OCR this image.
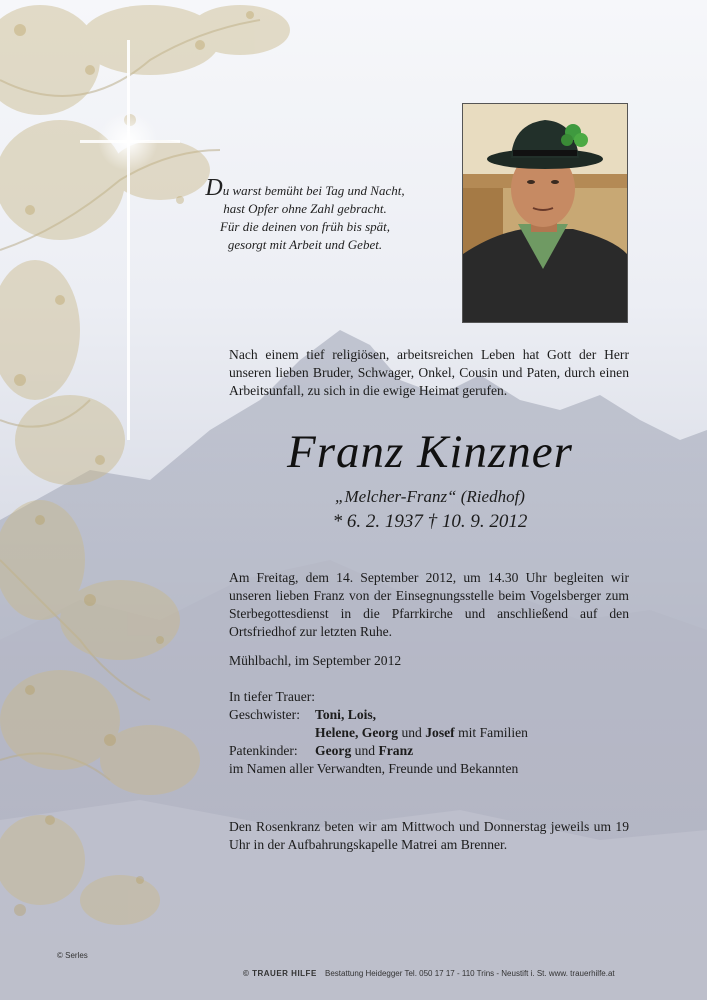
Du warst bemüht bei Tag und Nacht,
hast Opfer ohne Zahl gebracht.
Für die deinen von früh bis spät,
gesorgt mit Arbeit und Gebet.
Nach einem tief religiösen, arbeitsreichen Leben hat Gott der Herr unseren lieben Bruder, Schwager, Onkel, Cousin und Paten, durch einen Arbeitsunfall, zu sich in die ewige Heimat gerufen.
Franz Kinzner
„Melcher-Franz“ (Riedhof)
* 6. 2. 1937 † 10. 9. 2012
Am Freitag, dem 14. September 2012, um 14.30 Uhr begleiten wir unseren lieben Franz von der Einsegnungsstelle beim Vogelsberger zum Sterbegottesdienst in die Pfarrkirche und anschließend auf den Ortsfriedhof zur letzten Ruhe.
Mühlbachl, im September 2012
In tiefer Trauer:
Geschwister:	Toni, Lois,
Helene, Georg und Josef mit Familien
Patenkinder:	Georg und Franz
im Namen aller Verwandten, Freunde und Bekannten
Den Rosenkranz beten wir am Mittwoch und Donnerstag jeweils um 19 Uhr in der Aufbahrungskapelle Matrei am Brenner.
© Serles
© TRAUER HILFE Bestattung Heidegger Tel. 050 17 17 - 110 Trins - Neustift i. St. www. trauerhilfe.at
